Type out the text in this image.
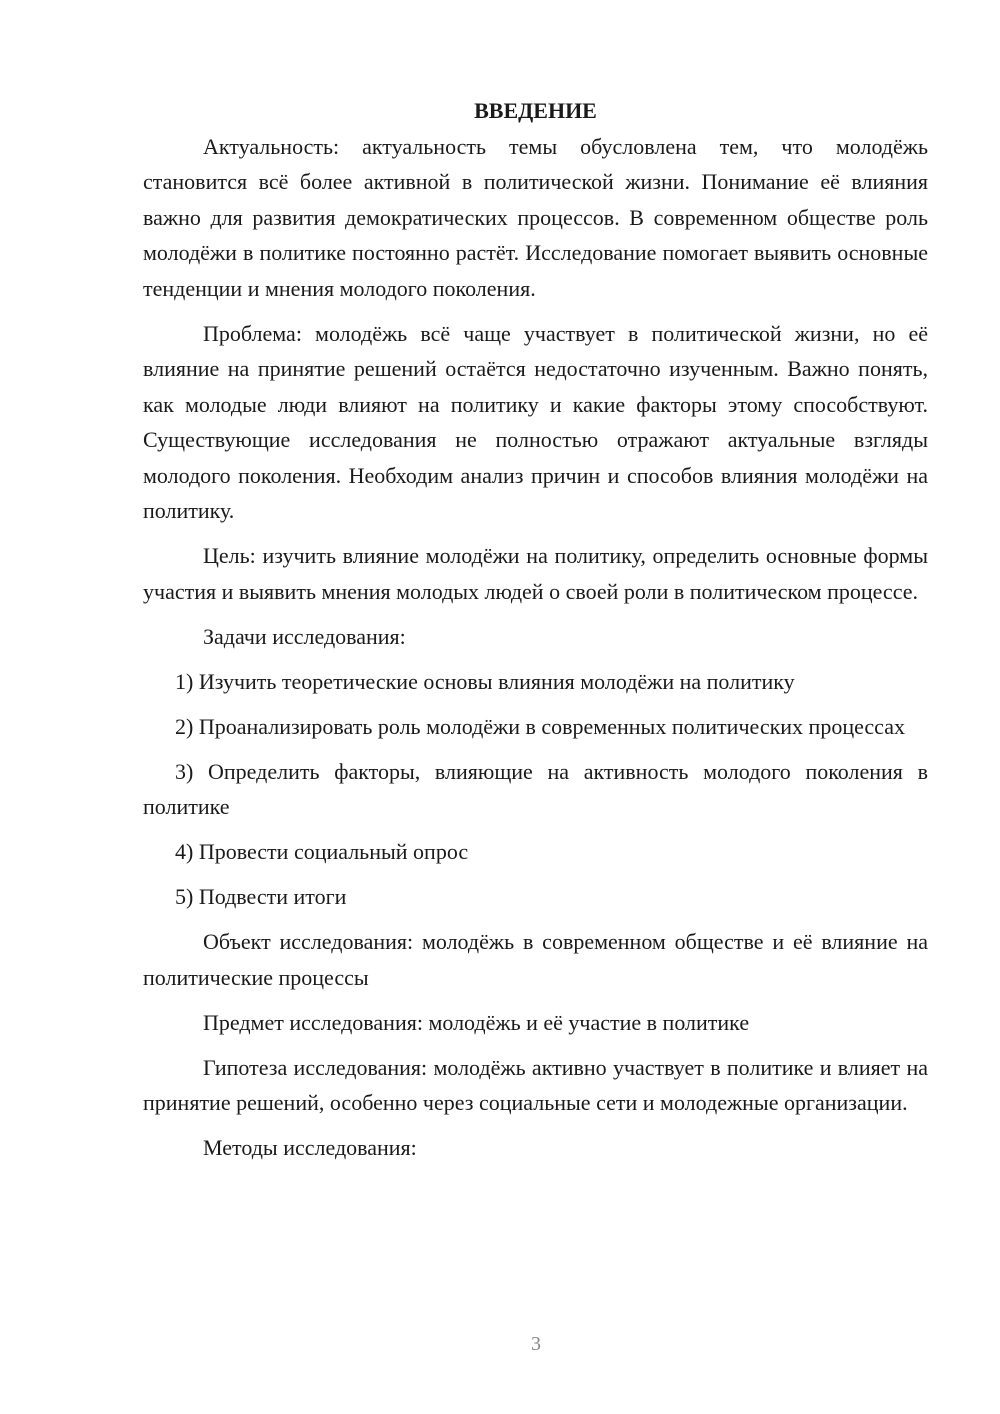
ВВЕДЕНИЕ

Актуальность: актуальность темы обусловлена тем, что молодёжь становится всё более активной в политической жизни. Понимание её влияния важно для развития демократических процессов. В современном обществе роль молодёжи в политике постоянно растёт. Исследование помогает выявить основные тенденции и мнения молодого поколения.

Проблема: молодёжь всё чаще участвует в политической жизни, но её влияние на принятие решений остаётся недостаточно изученным. Важно понять, как молодые люди влияют на политику и какие факторы этому способствуют. Существующие исследования не полностью отражают актуальные взгляды молодого поколения. Необходим анализ причин и способов влияния молодёжи на политику.

Цель: изучить влияние молодёжи на политику, определить основные формы участия и выявить мнения молодых людей о своей роли в политическом процессе.

Задачи исследования:

1) Изучить теоретические основы влияния молодёжи на политику

2) Проанализировать роль молодёжи в современных политических процессах

3) Определить факторы, влияющие на активность молодого поколения в политике

4) Провести социальный опрос

5) Подвести итоги

Объект исследования: молодёжь в современном обществе и её влияние на политические процессы

Предмет исследования: молодёжь и её участие в политике

Гипотеза исследования: молодёжь активно участвует в политике и влияет на принятие решений, особенно через социальные сети и молодежные организации.

Методы исследования:

3
